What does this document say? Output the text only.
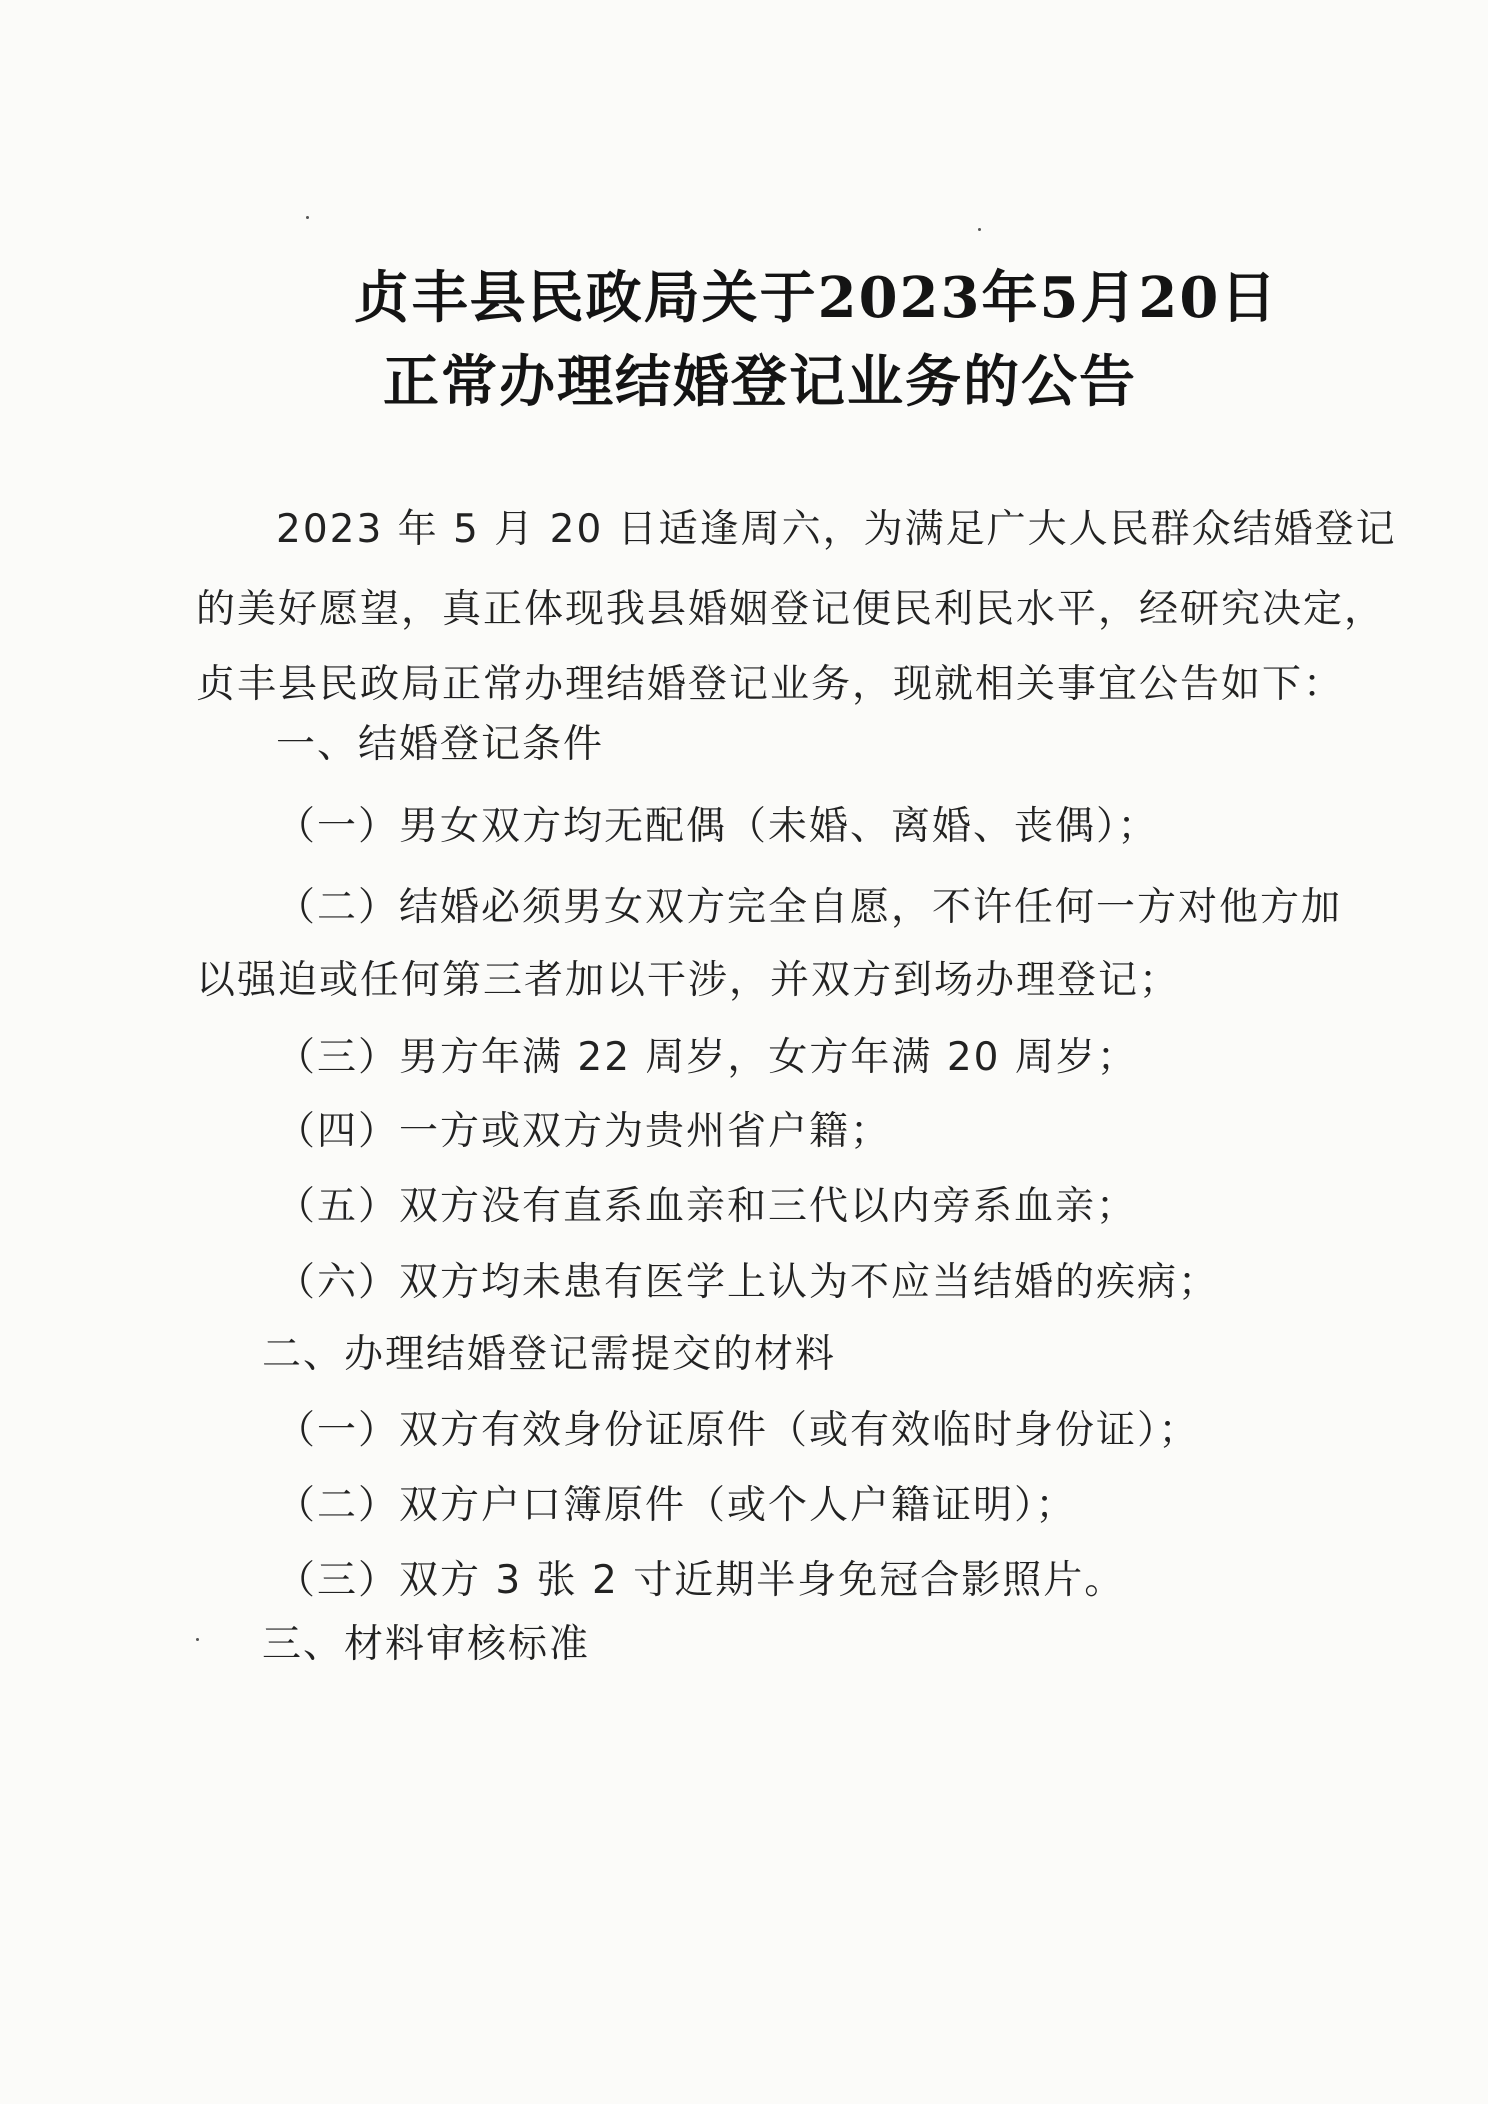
贞丰县民政局关于2023年5月20日
正常办理结婚登记业务的公告
2023 年 5 月 20 日适逢周六，为满足广大人民群众结婚登记
的美好愿望，真正体现我县婚姻登记便民利民水平，经研究决定，
贞丰县民政局正常办理结婚登记业务，现就相关事宜公告如下：
一、结婚登记条件
（一）男女双方均无配偶（未婚、离婚、丧偶）；
（二）结婚必须男女双方完全自愿，不许任何一方对他方加
以强迫或任何第三者加以干涉，并双方到场办理登记；
（三）男方年满 22 周岁，女方年满 20 周岁；
（四）一方或双方为贵州省户籍；
（五）双方没有直系血亲和三代以内旁系血亲；
（六）双方均未患有医学上认为不应当结婚的疾病；
二、办理结婚登记需提交的材料
（一）双方有效身份证原件（或有效临时身份证）；
（二）双方户口簿原件（或个人户籍证明）；
（三）双方 3 张 2 寸近期半身免冠合影照片。
三、材料审核标准
